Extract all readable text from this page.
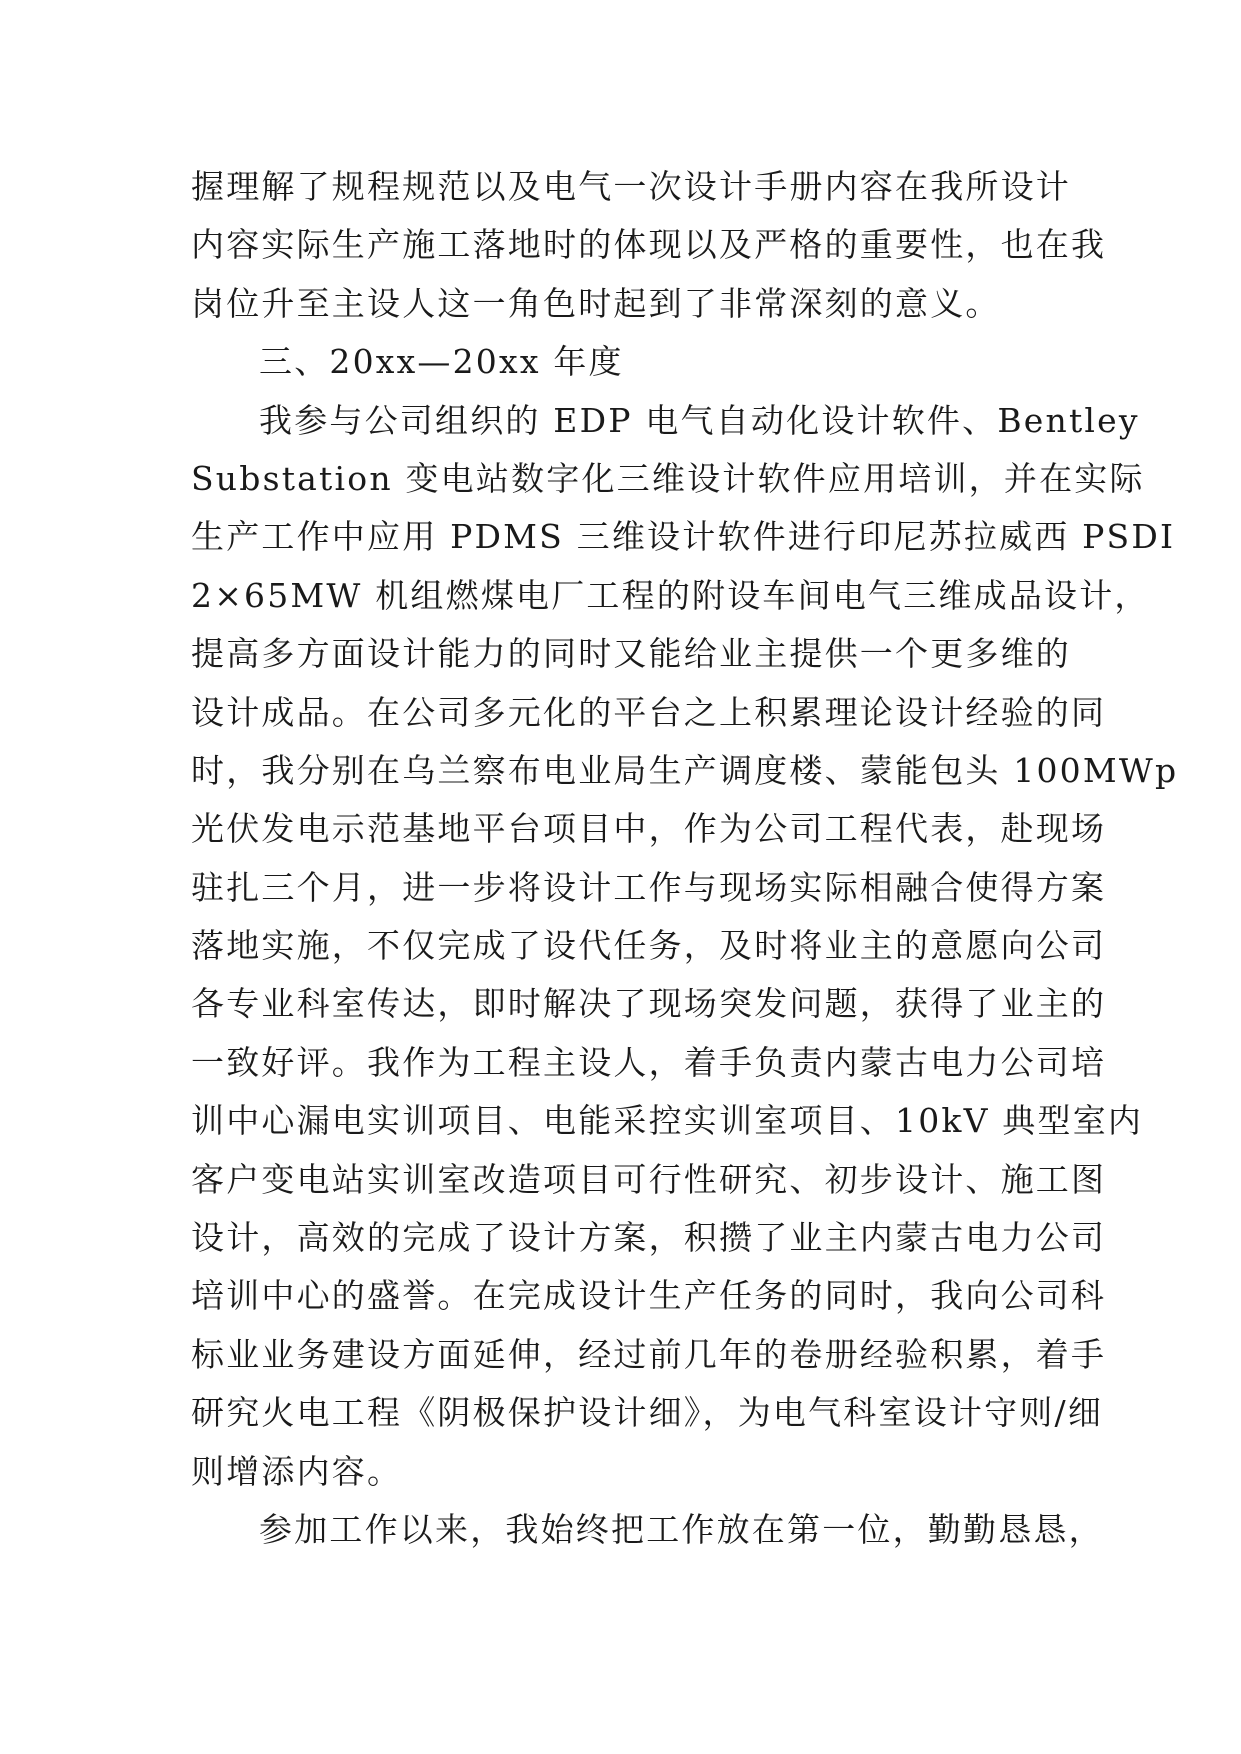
握理解了规程规范以及电气一次设计手册内容在我所设计
内容实际生产施工落地时的体现以及严格的重要性，也在我
岗位升至主设人这一角色时起到了非常深刻的意义。
三、20xx—20xx 年度
我参与公司组织的 EDP 电气自动化设计软件、Bentley
Substation 变电站数字化三维设计软件应用培训，并在实际
生产工作中应用 PDMS 三维设计软件进行印尼苏拉威西 PSDI
2×65MW 机组燃煤电厂工程的附设车间电气三维成品设计，
提高多方面设计能力的同时又能给业主提供一个更多维的
设计成品。在公司多元化的平台之上积累理论设计经验的同
时，我分别在乌兰察布电业局生产调度楼、蒙能包头 100MWp
光伏发电示范基地平台项目中，作为公司工程代表，赴现场
驻扎三个月，进一步将设计工作与现场实际相融合使得方案
落地实施，不仅完成了设代任务，及时将业主的意愿向公司
各专业科室传达，即时解决了现场突发问题，获得了业主的
一致好评。我作为工程主设人，着手负责内蒙古电力公司培
训中心漏电实训项目、电能采控实训室项目、10kV 典型室内
客户变电站实训室改造项目可行性研究、初步设计、施工图
设计，高效的完成了设计方案，积攒了业主内蒙古电力公司
培训中心的盛誉。在完成设计生产任务的同时，我向公司科
标业业务建设方面延伸，经过前几年的卷册经验积累，着手
研究火电工程《阴极保护设计细》，为电气科室设计守则/细
则增添内容。
参加工作以来，我始终把工作放在第一位，勤勤恳恳，
